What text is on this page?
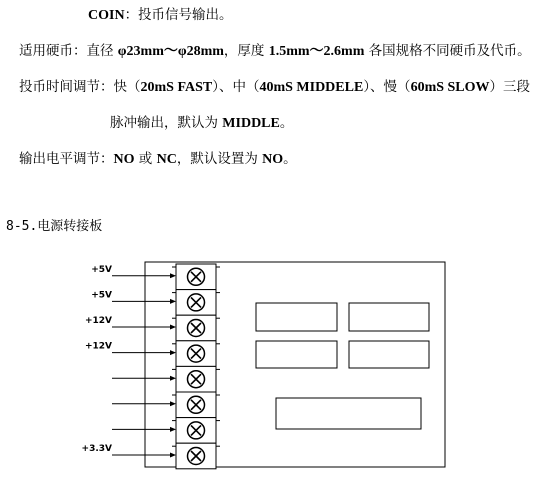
COIN：投币信号输出。
适用硬币：直径 φ23mm～φ28mm，厚度 1.5mm～2.6mm 各国规格不同硬币及代币。
投币时间调节：快（20mS FAST）、中（40mS MIDDELE）、慢（60mS SLOW）三段
脉冲输出，默认为 MIDDLE。
输出电平调节：NO 或 NC，默认设置为 NO。
8-5.电源转接板
+5V
+5V
+12V
+12V
+3.3V
